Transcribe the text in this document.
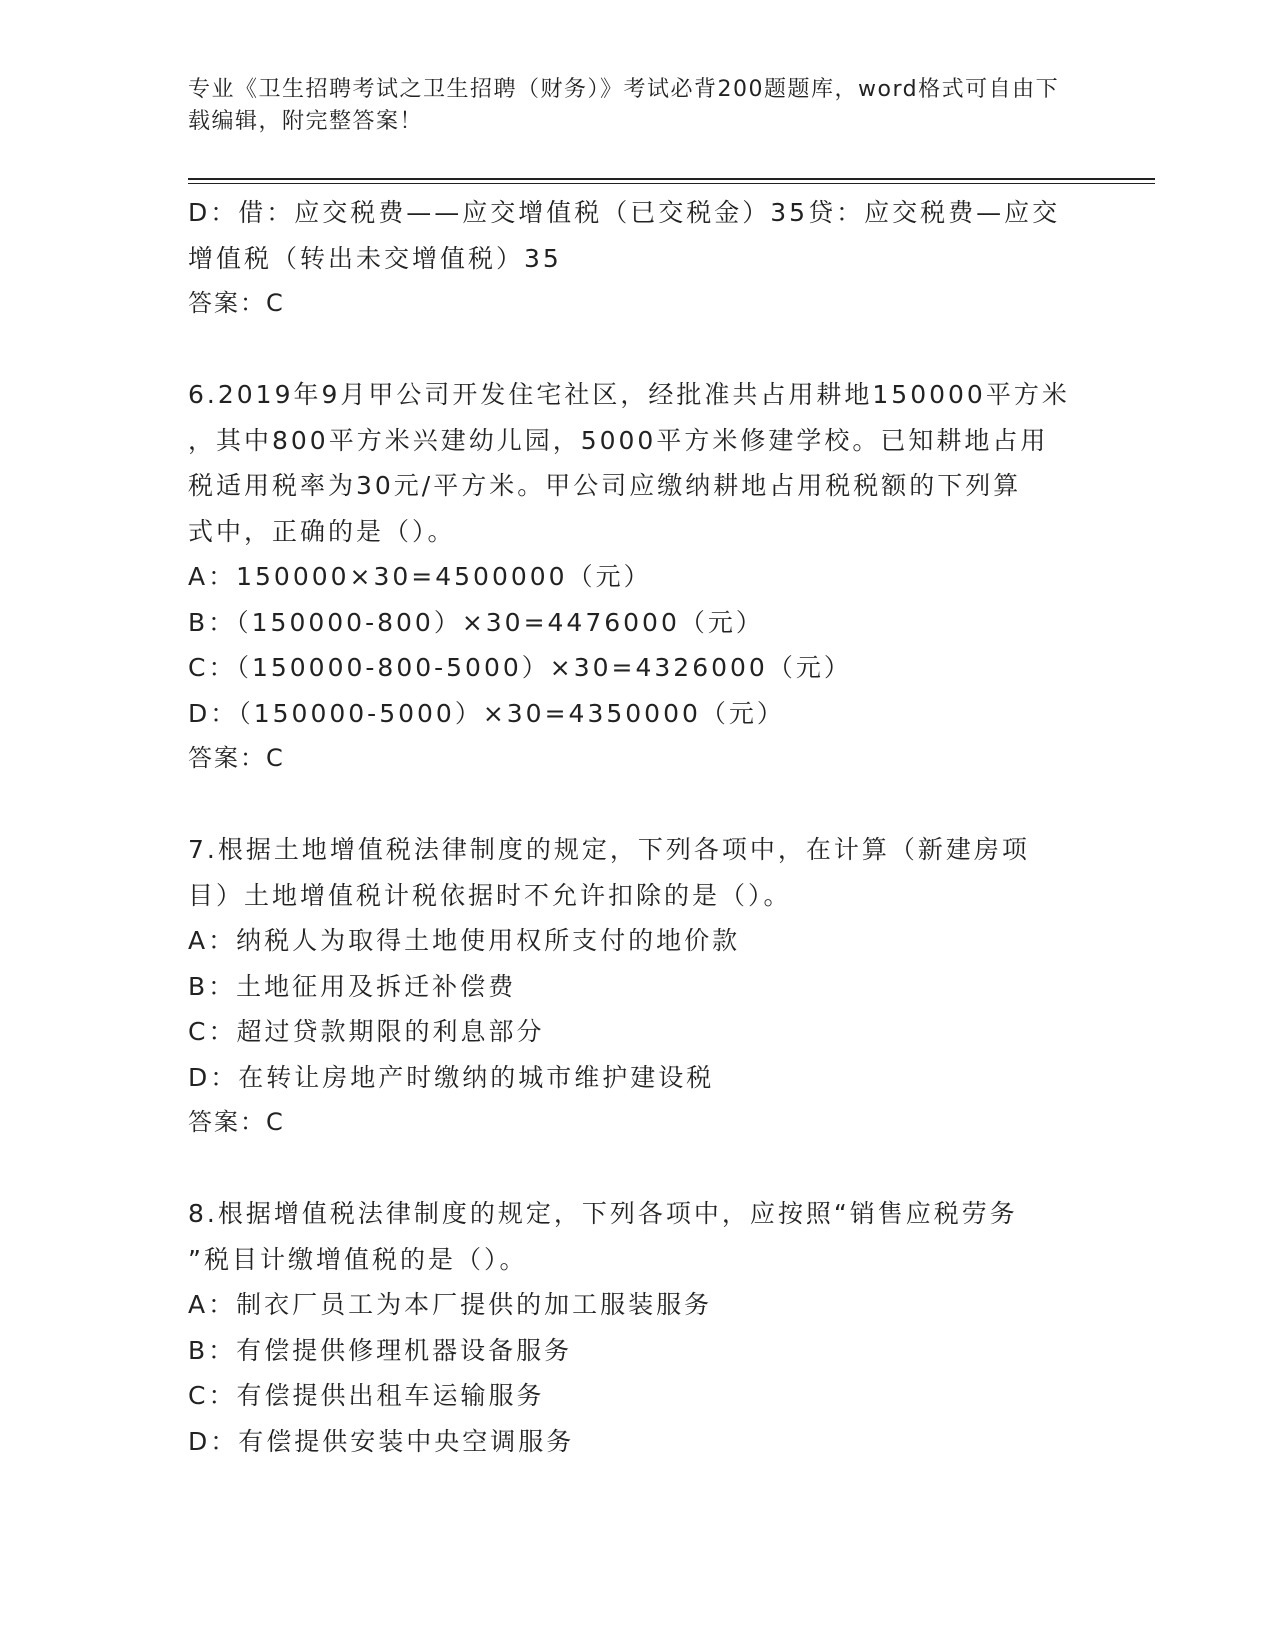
专业《卫生招聘考试之卫生招聘（财务）》考试必背200题题库，word格式可自由下载编辑，附完整答案！
D：借：应交税费——应交增值税（已交税金）35贷：应交税费—应交
增值税（转出未交增值税）35
答案：C
6.2019年9月甲公司开发住宅社区，经批准共占用耕地150000平方米
，其中800平方米兴建幼儿园，5000平方米修建学校。已知耕地占用
税适用税率为30元/平方米。甲公司应缴纳耕地占用税税额的下列算
式中，正确的是（）。
A：150000×30=4500000（元）
B：（150000-800）×30=4476000（元）
C：（150000-800-5000）×30=4326000（元）
D：（150000-5000）×30=4350000（元）
答案：C
7.根据土地增值税法律制度的规定，下列各项中，在计算（新建房项
目）土地增值税计税依据时不允许扣除的是（）。
A：纳税人为取得土地使用权所支付的地价款
B：土地征用及拆迁补偿费
C：超过贷款期限的利息部分
D：在转让房地产时缴纳的城市维护建设税
答案：C
8.根据增值税法律制度的规定，下列各项中，应按照“销售应税劳务
”税目计缴增值税的是（）。
A：制衣厂员工为本厂提供的加工服装服务
B：有偿提供修理机器设备服务
C：有偿提供出租车运输服务
D：有偿提供安装中央空调服务
